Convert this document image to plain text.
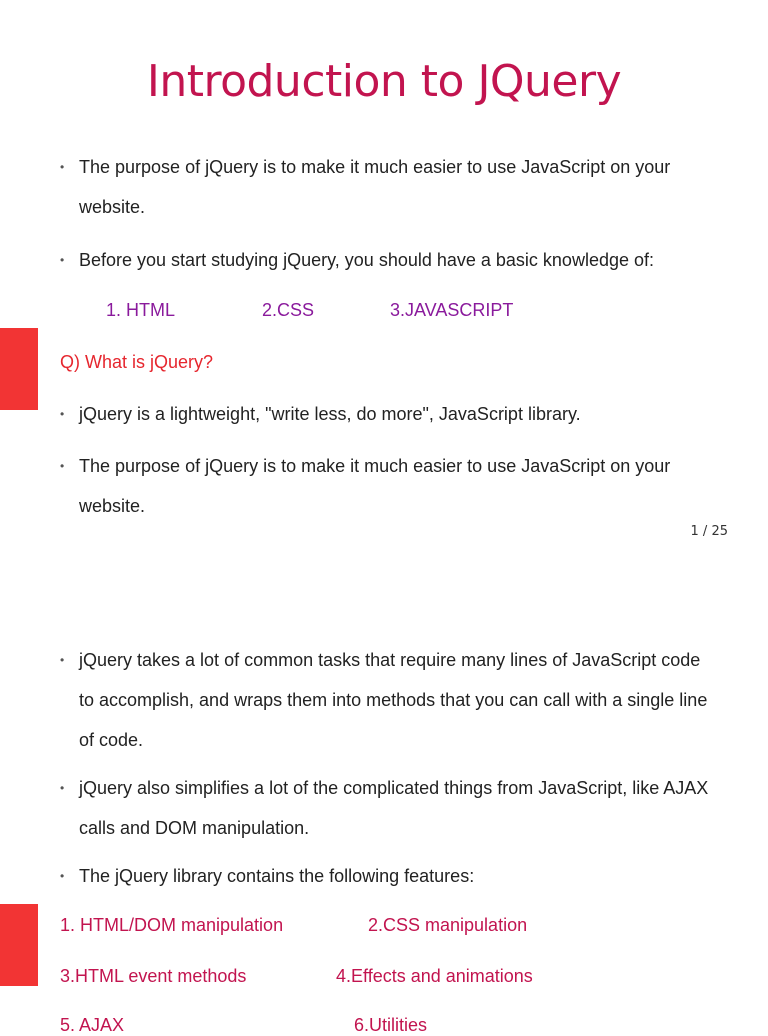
Introduction to JQuery
• The purpose of jQuery is to make it much easier to use JavaScript on your website.
• Before you start studying jQuery, you should have a basic knowledge of:
1. HTML	2.CSS	3.JAVASCRIPT
Q) What is jQuery?
• jQuery is a lightweight, "write less, do more", JavaScript library.
• The purpose of jQuery is to make it much easier to use JavaScript on your website.
1 / 25
• jQuery takes a lot of common tasks that require many lines of JavaScript code to accomplish, and wraps them into methods that you can call with a single line of code.
• jQuery also simplifies a lot of the complicated things from JavaScript, like AJAX calls and DOM manipulation.
• The jQuery library contains the following features:
1. HTML/DOM manipulation	2.CSS manipulation
3.HTML event methods	4.Effects and animations
5. AJAX	6.Utilities
